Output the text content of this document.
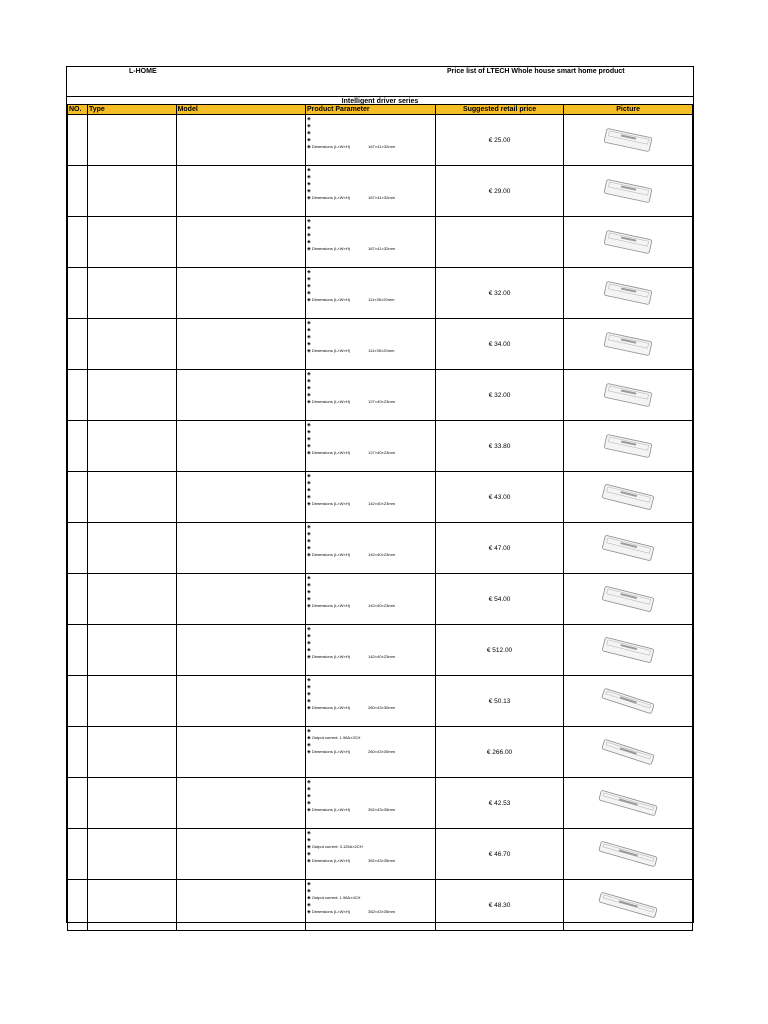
L-HOME	Price list of LTECH Whole house smart home product
Intelligent driver series
NO.	Type	Model	Product Parameter	Suggested retail price	Picture

			◈
◈
◈
◈
◈Dimensions (L×W×H) 167×41×32mm	€ 25.00	

			◈
◈
◈
◈
◈Dimensions (L×W×H) 167×41×32mm	€ 29.00	

			◈
◈
◈
◈
◈Dimensions (L×W×H) 167×41×32mm

			◈
◈
◈
◈
◈Dimensions (L×W×H) 111×35×20mm	€ 32.00	

			◈
◈
◈
◈
◈Dimensions (L×W×H) 111×35×20mm	€ 34.00	

			◈
◈
◈
◈
◈Dimensions (L×W×H) 127×40×23mm	€ 32.00	

			◈
◈
◈
◈
◈Dimensions (L×W×H) 127×40×23mm	€ 33.80	

			◈
◈
◈
◈
◈Dimensions (L×W×H) 142×40×23mm	€ 43.00	

			◈
◈
◈
◈
◈Dimensions (L×W×H) 142×40×23mm	€ 47.00	

			◈
◈
◈
◈
◈Dimensions (L×W×H) 142×40×23mm	€ 54.00	

			◈
◈
◈
◈
◈Dimensions (L×W×H) 142×40×23mm	€ 512.00	

			◈
◈
◈
◈
◈Dimensions (L×W×H) 260×43×30mm	€ 50.13	

			◈
◈Output current: 1.96A×2CH
◈
◈Dimensions (L×W×H) 260×43×30mm	€ 266.00	

			◈
◈
◈
◈
◈Dimensions (L×W×H) 352×43×35mm	€ 42.53	

			◈
◈
◈Output current: 3.125A×2CH
◈
◈Dimensions (L×W×H) 352×43×35mm	€ 46.70	

			◈
◈
◈Output current: 1.96A×4CH
◈
◈Dimensions (L×W×H) 352×43×35mm	€ 48.30	
